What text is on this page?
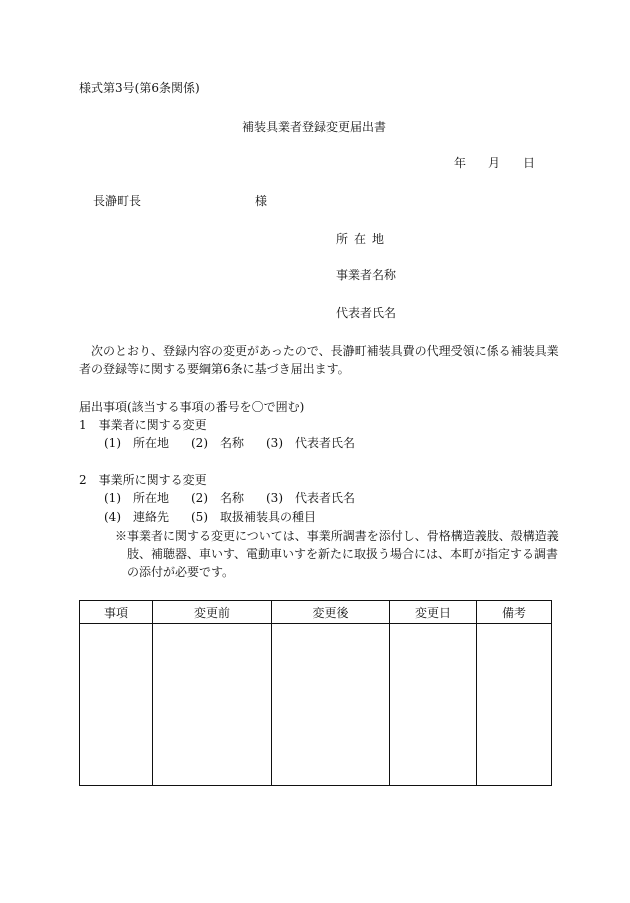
様式第3号(第6条関係)
補装具業者登録変更届出書
年 月 日
長瀞町長	様
所在地
事業者名称
代表者氏名
次のとおり、登録内容の変更があったので、長瀞町補装具費の代理受領に係る補装具業
者の登録等に関する要綱第6条に基づき届出ます。
届出事項(該当する事項の番号を〇で囲む)
1　事業者に関する変更
(1)　所在地 (2)　名称 (3)　代表者氏名
2　事業所に関する変更
(1)　所在地 (2)　名称 (3)　代表者氏名
(4)　連絡先 (5)　取扱補装具の種目
※事業者に関する変更については、事業所調書を添付し、骨格構造義肢、殻構造義
肢、補聴器、車いす、電動車いすを新たに取扱う場合には、本町が指定する調書
の添付が必要です。
事項	変更前	変更後	変更日	備考
